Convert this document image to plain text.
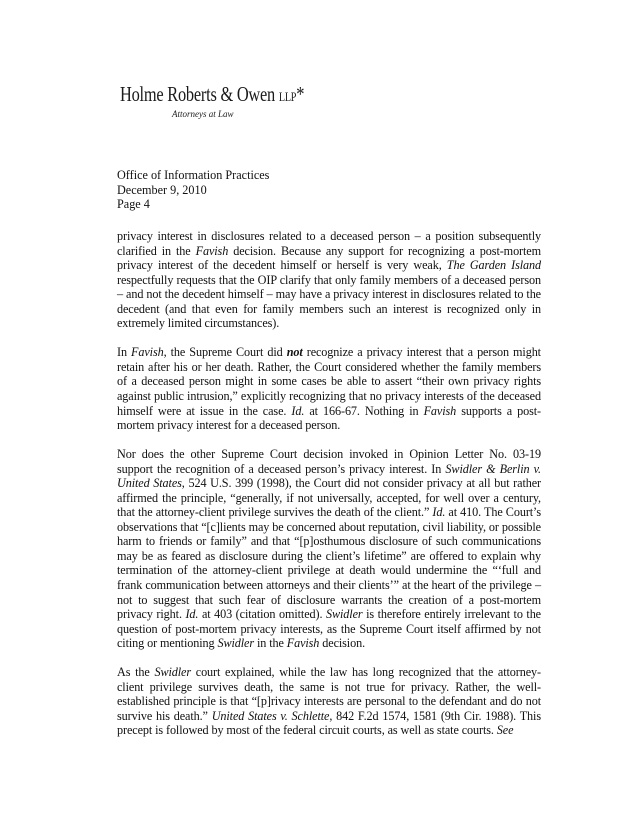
Holme Roberts & Owen LLP*
Attorneys at Law
Office of Information Practices
December 9, 2010
Page 4

privacy interest in disclosures related to a deceased person – a position subsequently clarified in the Favish decision. Because any support for recognizing a post-mortem privacy interest of the decedent himself or herself is very weak, The Garden Island respectfully requests that the OIP clarify that only family members of a deceased person – and not the decedent himself – may have a privacy interest in disclosures related to the decedent (and that even for family members such an interest is recognized only in extremely limited circumstances).

In Favish, the Supreme Court did not recognize a privacy interest that a person might retain after his or her death. Rather, the Court considered whether the family members of a deceased person might in some cases be able to assert “their own privacy rights against public intrusion,” explicitly recognizing that no privacy interests of the deceased himself were at issue in the case. Id. at 166-67. Nothing in Favish supports a post-mortem privacy interest for a deceased person.

Nor does the other Supreme Court decision invoked in Opinion Letter No. 03-19 support the recognition of a deceased person’s privacy interest. In Swidler & Berlin v. United States, 524 U.S. 399 (1998), the Court did not consider privacy at all but rather affirmed the principle, “generally, if not universally, accepted, for well over a century, that the attorney-client privilege survives the death of the client.” Id. at 410. The Court’s observations that “[c]lients may be concerned about reputation, civil liability, or possible harm to friends or family” and that “[p]osthumous disclosure of such communications may be as feared as disclosure during the client’s lifetime” are offered to explain why termination of the attorney-client privilege at death would undermine the “‘full and frank communication between attorneys and their clients’” at the heart of the privilege – not to suggest that such fear of disclosure warrants the creation of a post-mortem privacy right. Id. at 403 (citation omitted). Swidler is therefore entirely irrelevant to the question of post-mortem privacy interests, as the Supreme Court itself affirmed by not citing or mentioning Swidler in the Favish decision.

As the Swidler court explained, while the law has long recognized that the attorney-client privilege survives death, the same is not true for privacy. Rather, the well-established principle is that “[p]rivacy interests are personal to the defendant and do not survive his death.” United States v. Schlette, 842 F.2d 1574, 1581 (9th Cir. 1988). This precept is followed by most of the federal circuit courts, as well as state courts. See
